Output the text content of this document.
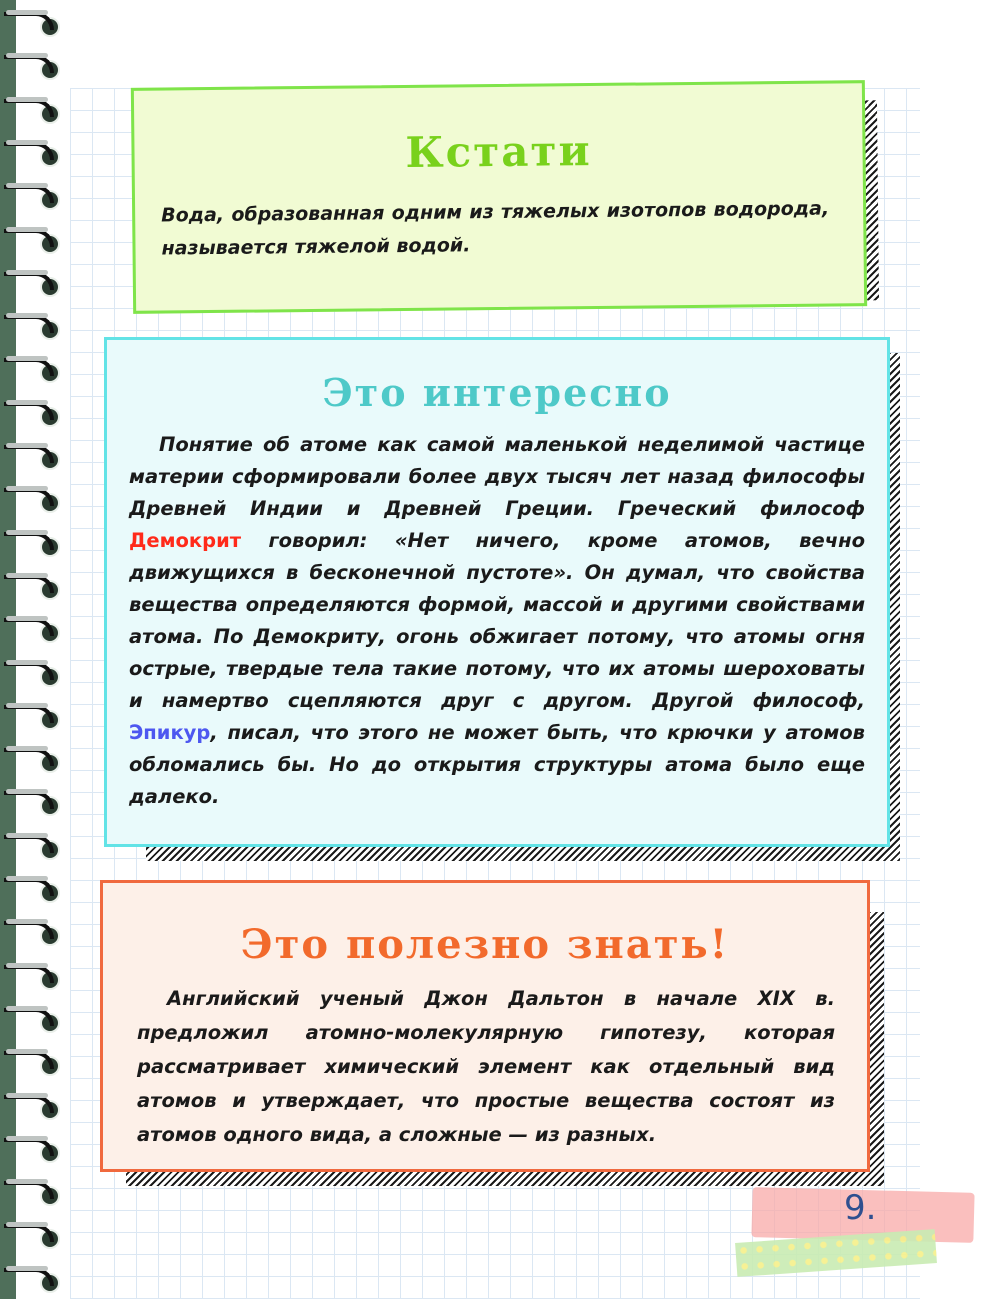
Кстати
Вода, образованная одним из тяжелых изотопов водорода, называется тяжелой водой.
Это интересно
Понятие об атоме как самой маленькой неделимой частице материи сформировали более двух тысяч лет назад философы Древней Индии и Древней Греции. Греческий философ Демокрит говорил: «Нет ничего, кроме атомов, вечно движущихся в бесконечной пустоте». Он думал, что свойства вещества определяются формой, массой и другими свойствами атома. По Демокриту, огонь обжигает потому, что атомы огня острые, твердые тела такие потому, что их атомы шероховаты и намертво сцепляются друг с другом. Другой философ, Эпикур, писал, что этого не может быть, что крючки у атомов обломались бы. Но до открытия структуры атома было еще далеко.
Это полезно знать!
Английский ученый Джон Дальтон в начале XIX в. предложил атомно-молекулярную гипотезу, которая рассматривает химический элемент как отдельный вид атомов и утверждает, что простые вещества состоят из атомов одного вида, а сложные — из разных.
9.
